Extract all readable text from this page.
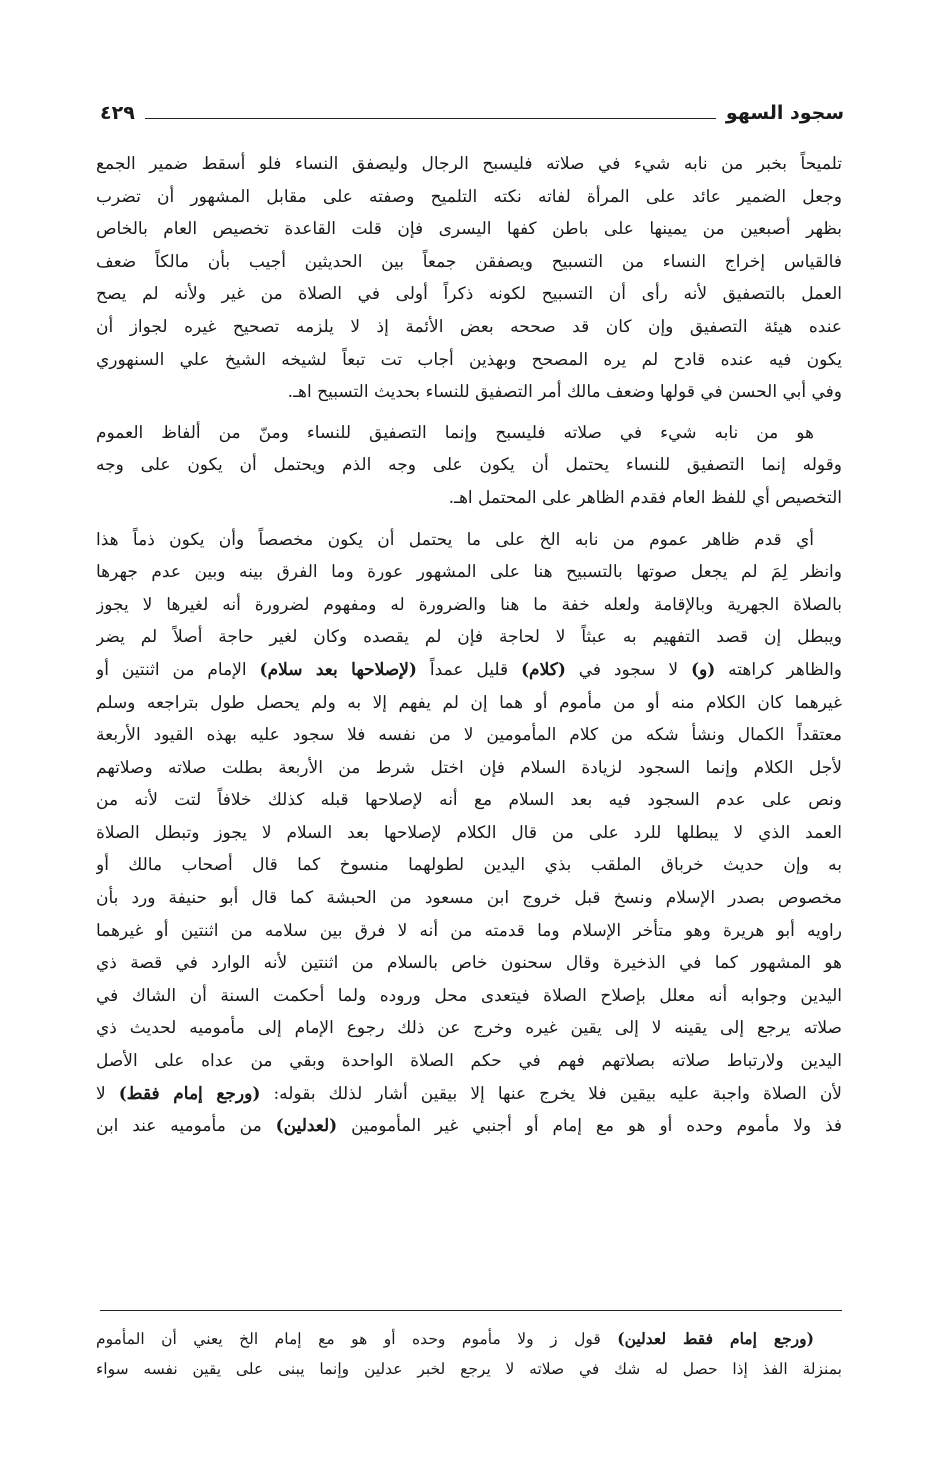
سجود السهو
٤٢٩

تلميحاً بخبر من نابه شيء في صلاته فليسبح الرجال وليصفق النساء فلو أسقط ضمير الجمع
وجعل الضمير عائد على المرأة لفاته نكته التلميح وصفته على مقابل المشهور أن تضرب
بظهر أصبعين من يمينها على باطن كفها اليسرى فإن قلت القاعدة تخصيص العام بالخاص
فالقياس إخراج النساء من التسبيح ويصفقن جمعاً بين الحديثين أجيب بأن مالكاً ضعف
العمل بالتصفيق لأنه رأى أن التسبيح لكونه ذكراً أولى في الصلاة من غير ولأنه لم يصح
عنده هيئة التصفيق وإن كان قد صححه بعض الأئمة إذ لا يلزمه تصحيح غيره لجواز أن
يكون فيه عنده قادح لم يره المصحح وبهذين أجاب تت تبعاً لشيخه الشيخ علي السنهوري
وفي أبي الحسن في قولها وضعف مالك أمر التصفيق للنساء بحديث التسبيح اهـ.

هو من نابه شيء في صلاته فليسبح وإنما التصفيق للنساء ومنّ من ألفاظ العموم
وقوله إنما التصفيق للنساء يحتمل أن يكون على وجه الذم ويحتمل أن يكون على وجه
التخصيص أي للفظ العام فقدم الظاهر على المحتمل اهـ.

أي قدم ظاهر عموم من نابه الخ على ما يحتمل أن يكون مخصصاً وأن يكون ذماً هذا
وانظر لِمَ لم يجعل صوتها بالتسبيح هنا على المشهور عورة وما الفرق بينه وبين عدم جهرها
بالصلاة الجهرية وبالإقامة ولعله خفة ما هنا والضرورة له ومفهوم لضرورة أنه لغيرها لا يجوز
ويبطل إن قصد التفهيم به عبثاً لا لحاجة فإن لم يقصده وكان لغير حاجة أصلاً لم يضر
والظاهر كراهته (و) لا سجود في (كلام) قليل عمداً (لإصلاحها بعد سلام) الإمام من اثنتين أو
غيرهما كان الكلام منه أو من مأموم أو هما إن لم يفهم إلا به ولم يحصل طول بتراجعه وسلم
معتقداً الكمال ونشأ شكه من كلام المأمومين لا من نفسه فلا سجود عليه بهذه القيود الأربعة
لأجل الكلام وإنما السجود لزيادة السلام فإن اختل شرط من الأربعة بطلت صلاته وصلاتهم
ونص على عدم السجود فيه بعد السلام مع أنه لإصلاحها قبله كذلك خلافاً لتت لأنه من
العمد الذي لا يبطلها للرد على من قال الكلام لإصلاحها بعد السلام لا يجوز وتبطل الصلاة
به وإن حديث خرباق الملقب بذي اليدين لطولهما منسوخ كما قال أصحاب مالك أو
مخصوص بصدر الإسلام ونسخ قبل خروج ابن مسعود من الحبشة كما قال أبو حنيفة ورد بأن
راويه أبو هريرة وهو متأخر الإسلام وما قدمته من أنه لا فرق بين سلامه من اثنتين أو غيرهما
هو المشهور كما في الذخيرة وقال سحنون خاص بالسلام من اثنتين لأنه الوارد في قصة ذي
اليدين وجوابه أنه معلل بإصلاح الصلاة فيتعدى محل وروده ولما أحكمت السنة أن الشاك في
صلاته يرجع إلى يقينه لا إلى يقين غيره وخرج عن ذلك رجوع الإمام إلى مأموميه لحديث ذي
اليدين ولارتباط صلاته بصلاتهم فهم في حكم الصلاة الواحدة وبقي من عداه على الأصل
لأن الصلاة واجبة عليه بيقين فلا يخرج عنها إلا بيقين أشار لذلك بقوله: (ورجع إمام فقط) لا
فذ ولا مأموم وحده أو هو مع إمام أو أجنبي غير المأمومين (لعدلين) من مأموميه عند ابن

(ورجع إمام فقط لعدلين) قول ز ولا مأموم وحده أو هو مع إمام الخ يعني أن المأموم
بمنزلة الفذ إذا حصل له شك في صلاته لا يرجع لخبر عدلين وإنما يبنى على يقين نفسه سواء
